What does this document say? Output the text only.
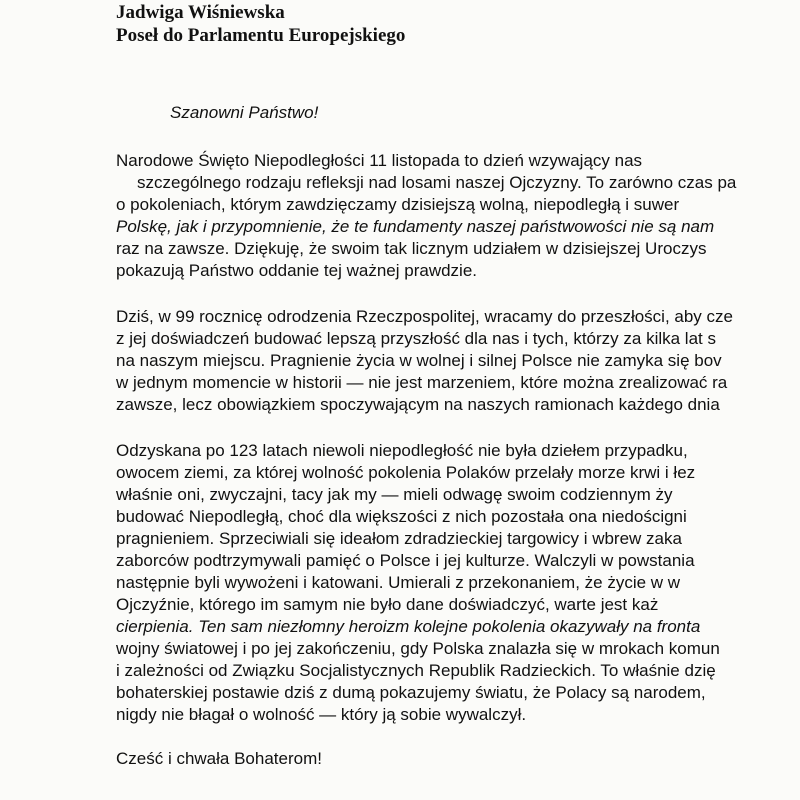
Jadwiga Wiśniewska
Poseł do Parlamentu Europejskiego
Szanowni Państwo!
Narodowe Święto Niepodległości 11 listopada to dzień wzywający nas
szczególnego rodzaju refleksji nad losami naszej Ojczyzny. To zarówno czas pa
o pokoleniach, którym zawdzięczamy dzisiejszą wolną, niepodległą i suwer
Polskę, jak i przypomnienie, że te fundamenty naszej państwowości nie są nam
raz na zawsze. Dziękuję, że swoim tak licznym udziałem w dzisiejszej Uroczys
pokazują Państwo oddanie tej ważnej prawdzie.
Dziś, w 99 rocznicę odrodzenia Rzeczpospolitej, wracamy do przeszłości, aby cze
z jej doświadczeń budować lepszą przyszłość dla nas i tych, którzy za kilka lat s
na naszym miejscu. Pragnienie życia w wolnej i silnej Polsce nie zamyka się bov
w jednym momencie w historii — nie jest marzeniem, które można zrealizować ra
zawsze, lecz obowiązkiem spoczywającym na naszych ramionach każdego dnia
Odzyskana po 123 latach niewoli niepodległość nie była dziełem przypadku,
owocem ziemi, za której wolność pokolenia Polaków przelały morze krwi i łez
właśnie oni, zwyczajni, tacy jak my — mieli odwagę swoim codziennym ży
budować Niepodległą, choć dla większości z nich pozostała ona niedościgni
pragnieniem. Sprzeciwiali się ideałom zdradzieckiej targowicy i wbrew zaka
zaborców podtrzymywali pamięć o Polsce i jej kulturze. Walczyli w powstania
następnie byli wywożeni i katowani. Umierali z przekonaniem, że życie w w
Ojczyźnie, którego im samym nie było dane doświadczyć, warte jest każ
cierpienia. Ten sam niezłomny heroizm kolejne pokolenia okazywały na fronta
wojny światowej i po jej zakończeniu, gdy Polska znalazła się w mrokach komun
i zależności od Związku Socjalistycznych Republik Radzieckich. To właśnie dzię
bohaterskiej postawie dziś z dumą pokazujemy światu, że Polacy są narodem,
nigdy nie błagał o wolność — który ją sobie wywalczył.
Cześć i chwała Bohaterom!
